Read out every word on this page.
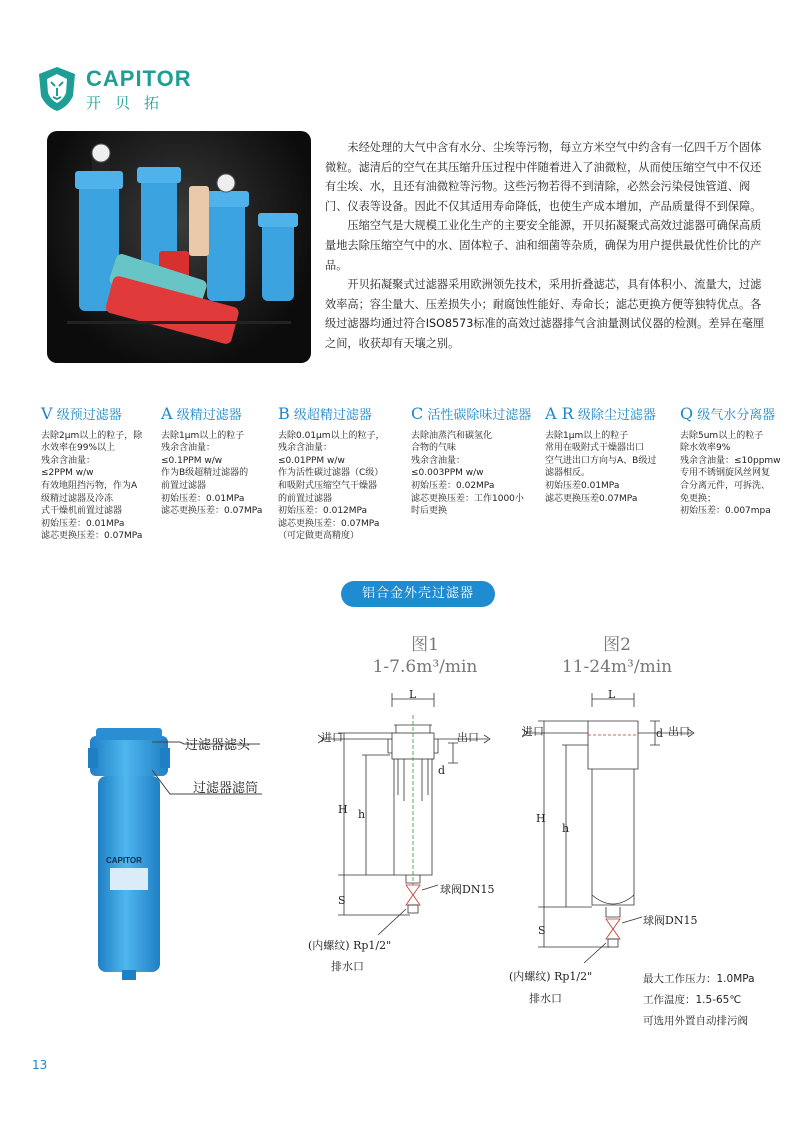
CAPITOR
开贝拓

未经处理的大气中含有水分、尘埃等污物，每立方米空气中约含有一亿四千万个固体微粒。滤清后的空气在其压缩升压过程中伴随着进入了油微粒，从而使压缩空气中不仅还有尘埃、水，且还有油微粒等污物。这些污物若得不到清除，必然会污染侵蚀管道、阀门、仪表等设备。因此不仅其适用寿命降低，也使生产成本增加，产品质量得不到保障。

压缩空气是大规模工业化生产的主要安全能源，开贝拓凝聚式高效过滤器可确保高质量地去除压缩空气中的水、固体粒子、油和细菌等杂质，确保为用户提供最优性价比的产品。

开贝拓凝聚式过滤器采用欧洲领先技术，采用折叠滤芯，具有体积小、流量大，过滤效率高；容尘量大、压差损失小；耐腐蚀性能好、寿命长；滤芯更换方便等独特优点。各级过滤器均通过符合ISO8573标准的高效过滤器排气含油量测试仪器的检测。差异在毫厘之间，收获却有天壤之别。

V 级预过滤器
去除2μm以上的粒子，除
水效率在99%以上
残余含油量：
≤2PPM w/w
有效地阻挡污物，作为A
级精过滤器及冷冻
式干燥机前置过滤器
初始压差：0.01MPa
滤芯更换压差：0.07MPa
A 级精过滤器
去除1μm以上的粒子
残余含油量：
≤0.1PPM w/w
作为B级超精过滤器的
前置过滤器
初始压差：0.01MPa
滤芯更换压差：0.07MPa
B 级超精过滤器
去除0.01μm以上的粒子，
残余含油量：
≤0.01PPM w/w
作为活性碳过滤器（C级）
和吸附式压缩空气干燥器
的前置过滤器
初始压差：0.012MPa
滤芯更换压差：0.07MPa
（可定做更高精度）
C 活性碳除味过滤器
去除油蒸汽和碳氢化
合物的气味
残余含油量：
≤0.003PPM w/w
初始压差：0.02MPa
滤芯更换压差：工作1000小
时后更换
A R 级除尘过滤器
去除1μm以上的粒子
常用在吸附式干燥器出口
空气进出口方向与A、B级过
滤器相反。
初始压差0.01MPa
滤芯更换压差0.07MPa
Q 级气水分离器
去除5um以上的粒子
除水效率9%
残余含油量：≤10ppmw
专用不锈钢旋风丝网复
合分离元件，可拆洗、
免更换；
初始压差：0.007mpa
铝合金外壳过滤器
CAPITOR
过滤器滤头
过滤器滤筒
图1
1-7.6m³/min
图2
11-24m³/min
进口	出口
L
H h
d
S
球阀DN15
(内螺纹) Rp1/2"
排水口
进口	出口
L
H
h
d
S
球阀DN15
(内螺纹) Rp1/2"
排水口
最大工作压力：1.0MPa
工作温度：1.5-65℃
可选用外置自动排污阀
13
